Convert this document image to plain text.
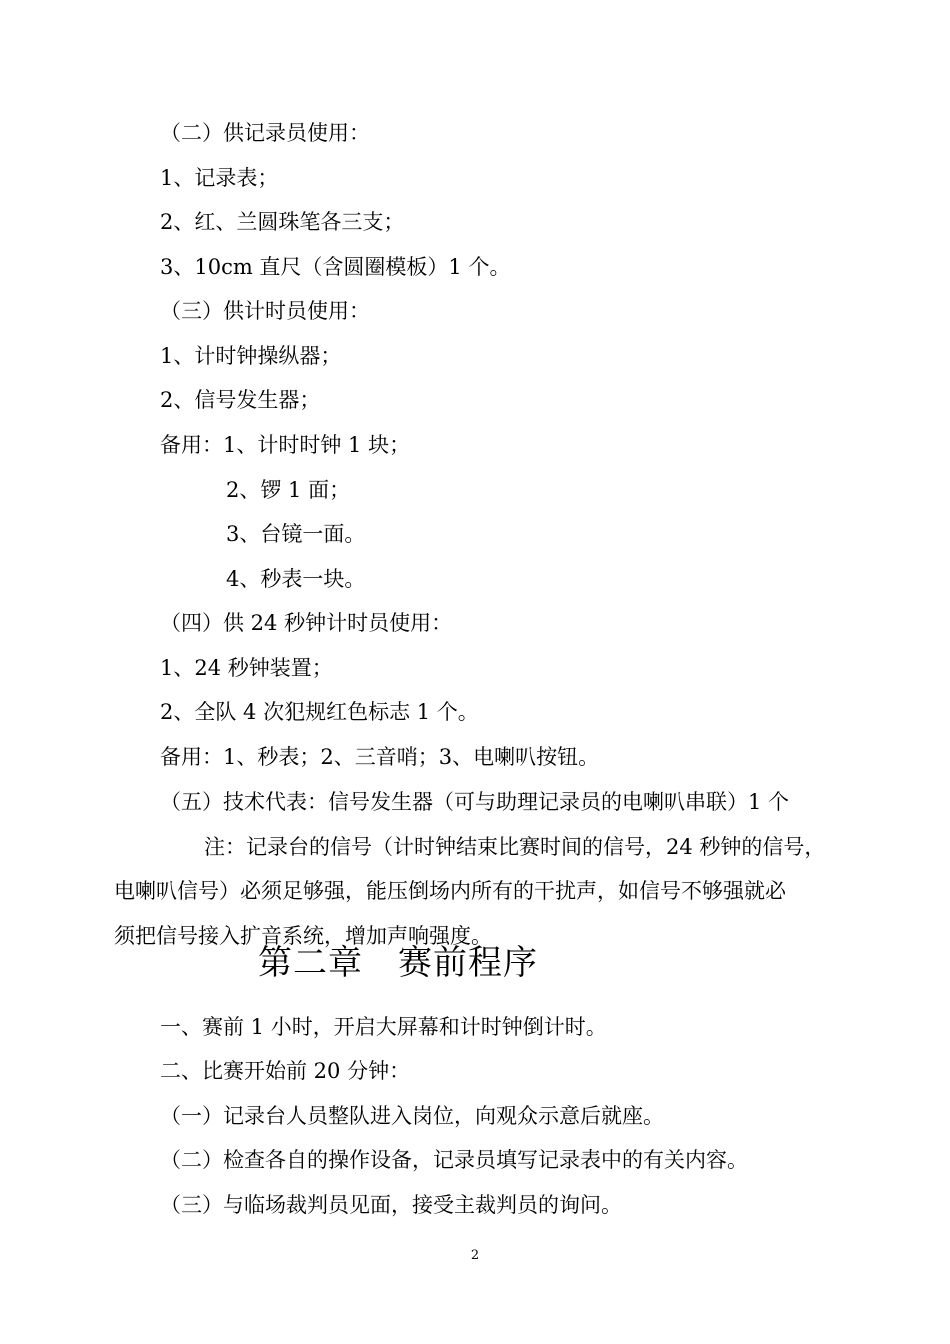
（二）供记录员使用：
1、记录表；
2、红、兰圆珠笔各三支；
3、10cm 直尺（含圆圈模板）1 个。
（三）供计时员使用：
1、计时钟操纵器；
2、信号发生器；
备用：1、计时时钟 1 块；
2、锣 1 面；
3、台镜一面。
4、秒表一块。
（四）供 24 秒钟计时员使用：
1、24 秒钟装置；
2、全队 4 次犯规红色标志 1 个。
备用：1、秒表；2、三音哨；3、电喇叭按钮。
（五）技术代表：信号发生器（可与助理记录员的电喇叭串联）1 个
注：记录台的信号（计时钟结束比赛时间的信号，24 秒钟的信号，
电喇叭信号）必须足够强，能压倒场内所有的干扰声，如信号不够强就必
须把信号接入扩音系统，增加声响强度。
第二章　赛前程序
一、赛前 1 小时，开启大屏幕和计时钟倒计时。
二、比赛开始前 20 分钟：
（一）记录台人员整队进入岗位，向观众示意后就座。
（二）检查各自的操作设备，记录员填写记录表中的有关内容。
（三）与临场裁判员见面，接受主裁判员的询问。
2
